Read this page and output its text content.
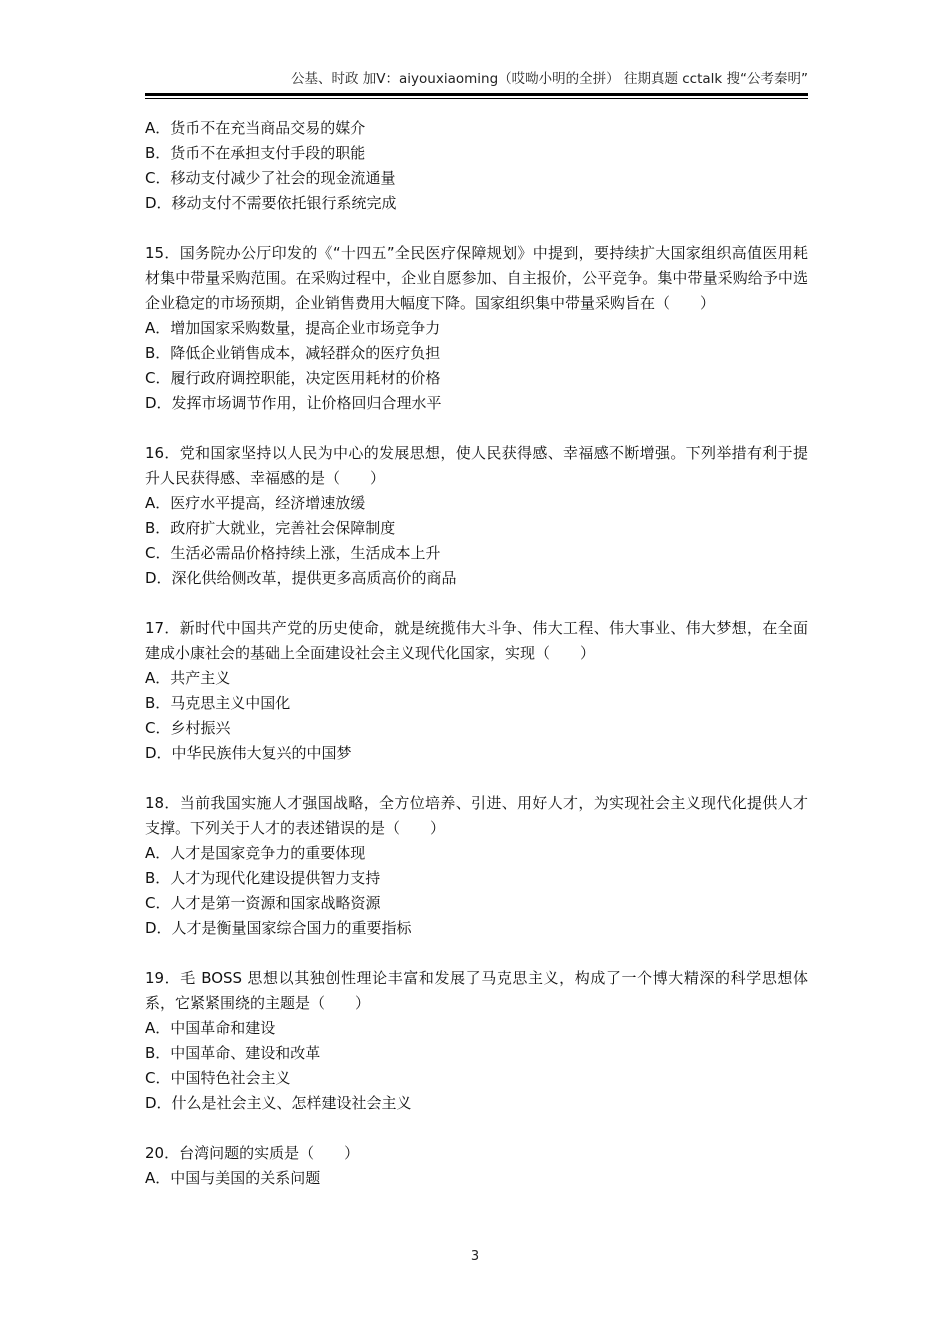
公基、时政 加V：aiyouxiaoming（哎呦小明的全拼） 往期真题 cctalk 搜“公考秦明”

A．货币不在充当商品交易的媒介

B．货币不在承担支付手段的职能

C．移动支付减少了社会的现金流通量

D．移动支付不需要依托银行系统完成

15．国务院办公厅印发的《“十四五”全民医疗保障规划》中提到，要持续扩大国家组织高值医用耗材集中带量采购范围。在采购过程中，企业自愿参加、自主报价，公平竞争。集中带量采购给予中选企业稳定的市场预期，企业销售费用大幅度下降。国家组织集中带量采购旨在（　　）

A．增加国家采购数量，提高企业市场竞争力

B．降低企业销售成本，减轻群众的医疗负担

C．履行政府调控职能，决定医用耗材的价格

D．发挥市场调节作用，让价格回归合理水平

16．党和国家坚持以人民为中心的发展思想，使人民获得感、幸福感不断增强。下列举措有利于提升人民获得感、幸福感的是（　　）

A．医疗水平提高，经济增速放缓

B．政府扩大就业，完善社会保障制度

C．生活必需品价格持续上涨，生活成本上升

D．深化供给侧改革，提供更多高质高价的商品

17．新时代中国共产党的历史使命，就是统揽伟大斗争、伟大工程、伟大事业、伟大梦想，在全面建成小康社会的基础上全面建设社会主义现代化国家，实现（　　）

A．共产主义

B．马克思主义中国化

C．乡村振兴

D．中华民族伟大复兴的中国梦

18．当前我国实施人才强国战略，全方位培养、引进、用好人才，为实现社会主义现代化提供人才支撑。下列关于人才的表述错误的是（　　）

A．人才是国家竞争力的重要体现

B．人才为现代化建设提供智力支持

C．人才是第一资源和国家战略资源

D．人才是衡量国家综合国力的重要指标

19．毛 BOSS 思想以其独创性理论丰富和发展了马克思主义，构成了一个博大精深的科学思想体系，它紧紧围绕的主题是（　　）

A．中国革命和建设

B．中国革命、建设和改革

C．中国特色社会主义

D．什么是社会主义、怎样建设社会主义

20．台湾问题的实质是（　　）

A．中国与美国的关系问题

3
